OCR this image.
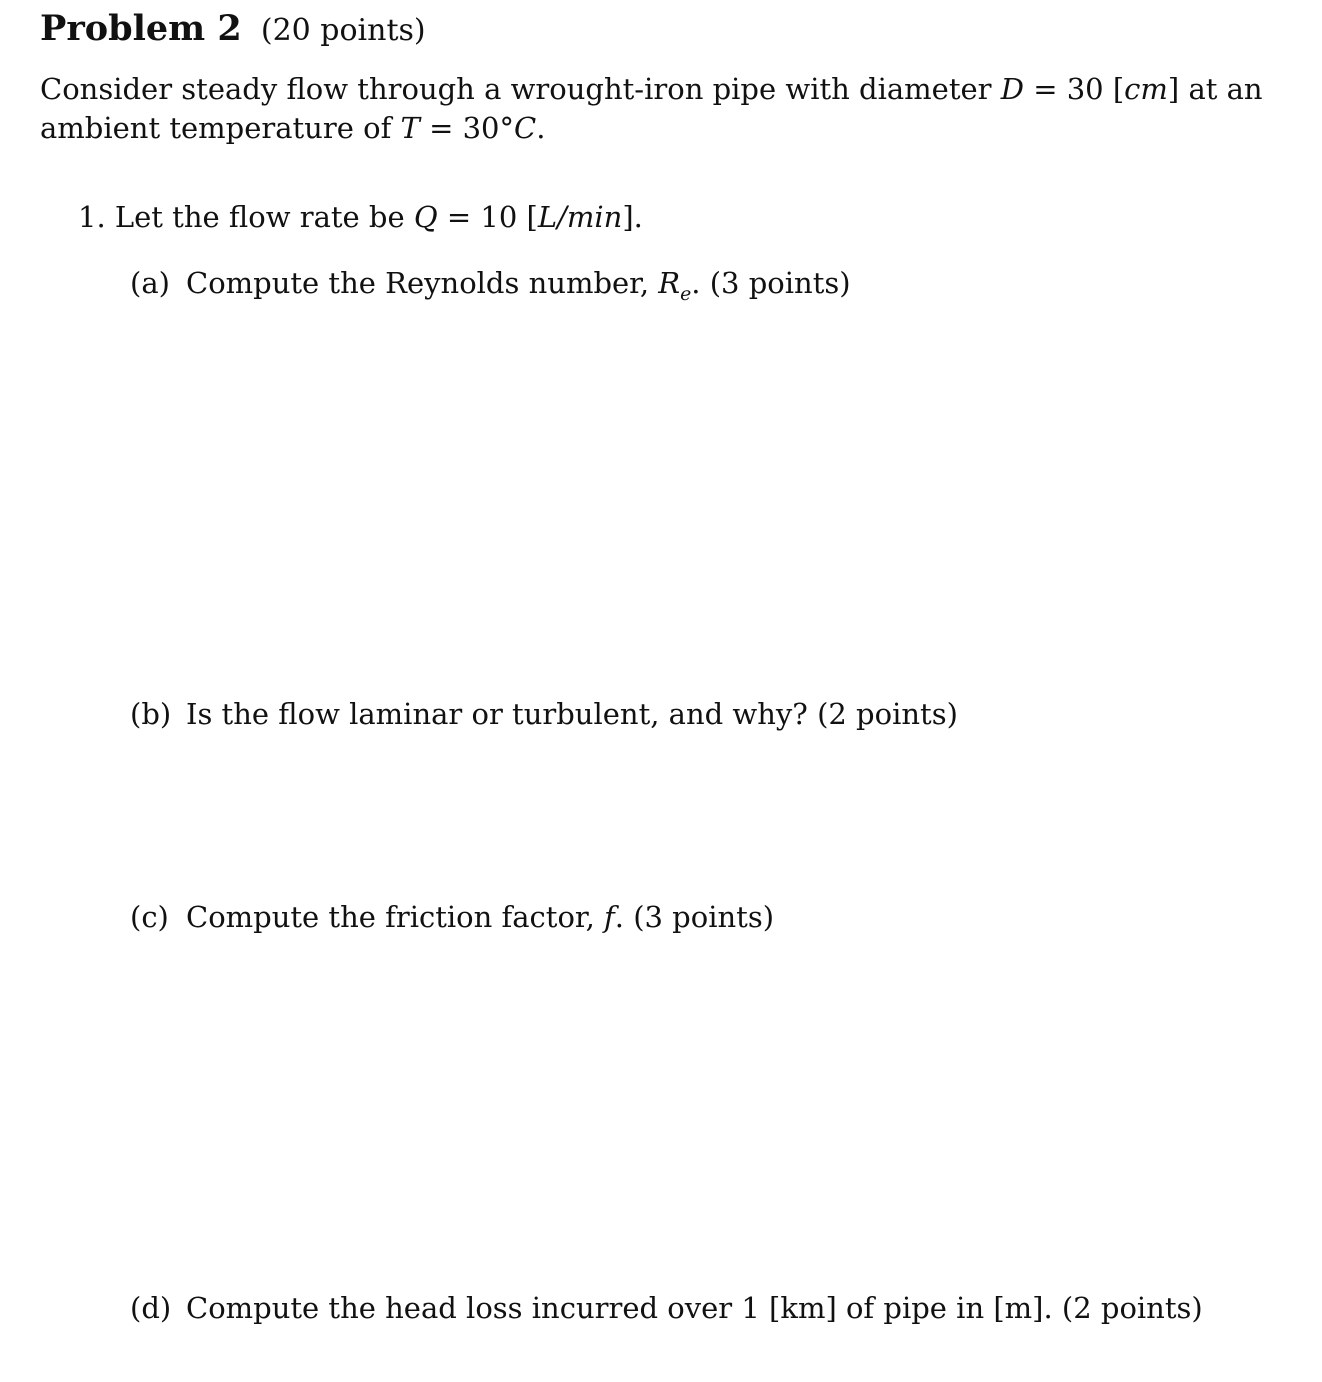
Problem 2 (20 points)
Consider steady flow through a wrought-iron pipe with diameter D = 30 [cm] at an ambient temperature of T = 30°C.
1. Let the flow rate be Q = 10 [L/min].
(a) Compute the Reynolds number, $R_e$. (3 points)
(b) Is the flow laminar or turbulent, and why? (2 points)
(c) Compute the friction factor, f. (3 points)
(d) Compute the head loss incurred over 1 [km] of pipe in [m]. (2 points)
